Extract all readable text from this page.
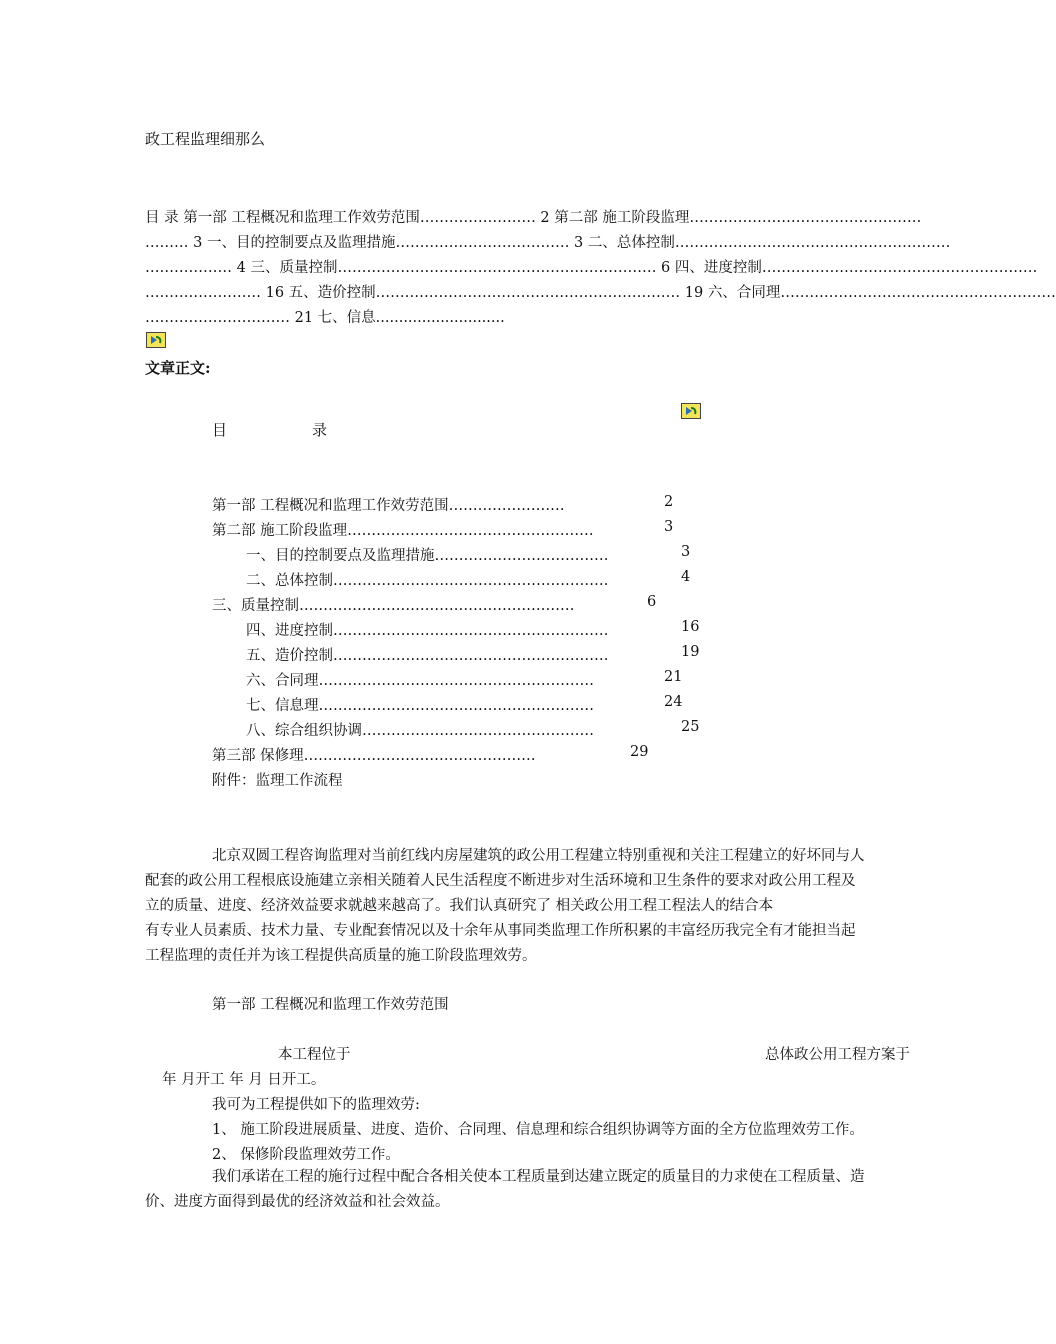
政工程监理细那么
目 录 第一部 工程概况和监理工作效劳范围…………………… 2 第二部 施工阶段监理…………………………………………
……… 3 一、目的控制要点及监理措施……………………………… 3 二、总体控制…………………………………………………
……………… 4 三、质量控制………………………………………………………… 6 四、进度控制…………………………………………………
…………………… 16 五、造价控制……………………………………………………… 19 六、合同理…………………………………………………
………………………… 21 七、信息............................
文章正文:
目	录
第一部 工程概况和监理工作效劳范围……………………	2
第二部 施工阶段监理……………………………………………	3
一、目的控制要点及监理措施………………………………	3
二、总体控制…………………………………………………	4
三、质量控制…………………………………………………	6
四、进度控制…………………………………………………	16
五、造价控制…………………………………………………	19
六、合同理…………………………………………………	21
七、信息理…………………………………………………	24
八、综合组织协调…………………………………………	25
第三部 保修理…………………………………………	29
附件：监理工作流程
北京双圆工程咨询监理对当前红线内房屋建筑的政公用工程建立特别重视和关注工程建立的好坏同与人
配套的政公用工程根底设施建立亲相关随着人民生活程度不断进步对生活环境和卫生条件的要求对政公用工程及
立的质量、进度、经济效益要求就越来越高了。我们认真研究了 相关政公用工程工程法人的结合本
有专业人员素质、技术力量、专业配套情况以及十余年从事同类监理工作所积累的丰富经历我完全有才能担当起
工程监理的责任并为该工程提供高质量的施工阶段监理效劳。
第一部 工程概况和监理工作效劳范围
本工程位于	总体政公用工程方案于
年 月开工 年 月 日开工。
我可为工程提供如下的监理效劳:
1、 施工阶段进展质量、进度、造价、合同理、信息理和综合组织协调等方面的全方位监理效劳工作。
2、 保修阶段监理效劳工作。
我们承诺在工程的施行过程中配合各相关使本工程质量到达建立既定的质量目的力求使在工程质量、造
价、进度方面得到最优的经济效益和社会效益。
